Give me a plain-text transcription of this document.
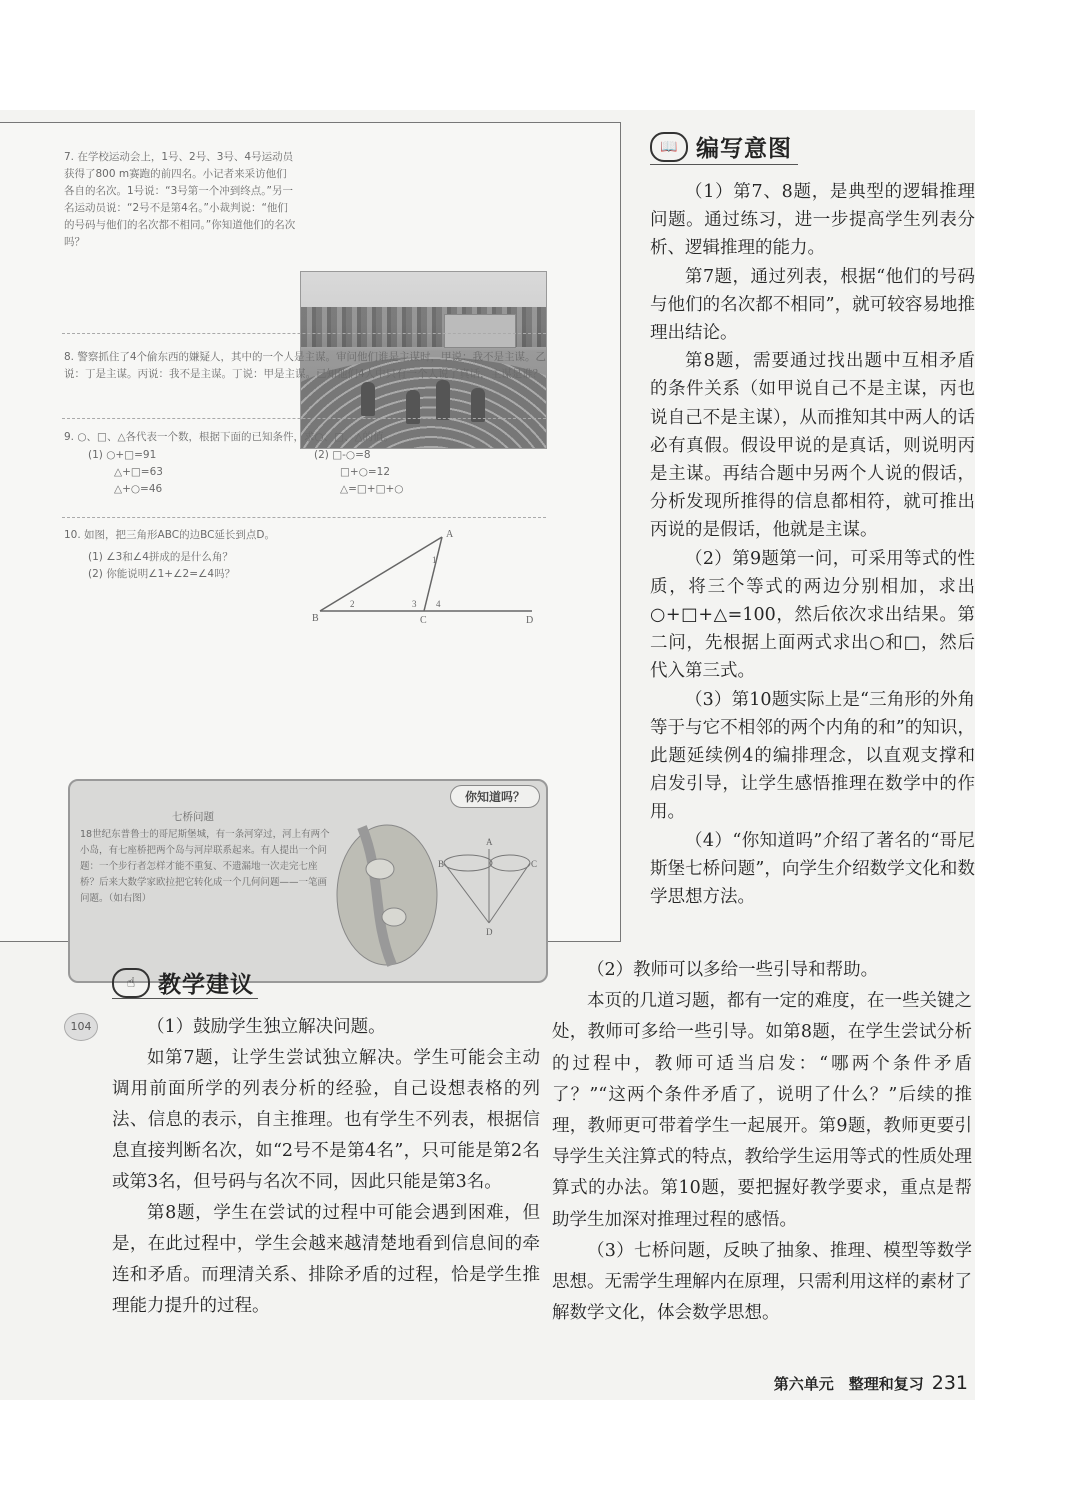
7. 在学校运动会上，1号、2号、3号、4号运动员获得了800 m赛跑的前四名。小记者来采访他们各自的名次。1号说：“3号第一个冲到终点。”另一名运动员说：“2号不是第4名。”小裁判说：“他们的号码与他们的名次都不相同。”你知道他们的名次吗？
8. 警察抓住了4个偷东西的嫌疑人，其中的一个人是主谋。审问他们谁是主谋时，甲说：我不是主谋。乙说：丁是主谋。丙说：我不是主谋。丁说：甲是主谋。已知他们4人中只有一个人说了真话，主谋是谁？
9. ○、□、△各代表一个数，根据下面的已知条件，求○、□、△的值。
(1) ○+□=91
△+□=63
△+○=46
(2) □-○=8
□+○=12
△=□+□+○
10. 如图，把三角形ABC的边BC延长到点D。
(1) ∠3和∠4拼成的是什么角？
(2) 你能说明∠1+∠2=∠4吗？
B
A
C	D
1
2	3 4
你知道吗？
七桥问题
18世纪东普鲁士的哥尼斯堡城，有一条河穿过，河上有两个小岛，有七座桥把两个岛与河岸联系起来。有人提出一个问题：一个步行者怎样才能不重复、不遗漏地一次走完七座桥？后来大数学家欧拉把它转化成一个几何问题——一笔画问题。（如右图）
A
B	C
D
104
📖 编写意图

（1）第7、8题，是典型的逻辑推理问题。通过练习，进一步提高学生列表分析、逻辑推理的能力。

第7题，通过列表，根据“他们的号码与他们的名次都不相同”，就可较容易地推理出结论。

第8题，需要通过找出题中互相矛盾的条件关系（如甲说自己不是主谋，丙也说自己不是主谋），从而推知其中两人的话必有真假。假设甲说的是真话，则说明丙是主谋。再结合题中另两个人说的假话，分析发现所推得的信息都相符，就可推出丙说的是假话，他就是主谋。

（2）第9题第一问，可采用等式的性质，将三个等式的两边分别相加，求出○+□+△=100，然后依次求出结果。第二问，先根据上面两式求出○和□，然后代入第三式。

（3）第10题实际上是“三角形的外角等于与它不相邻的两个内角的和”的知识，此题延续例4的编排理念，以直观支撑和启发引导，让学生感悟推理在数学中的作用。

（4）“你知道吗”介绍了著名的“哥尼斯堡七桥问题”，向学生介绍数学文化和数学思想方法。

☝ 教学建议

（1）鼓励学生独立解决问题。

如第7题，让学生尝试独立解决。学生可能会主动调用前面所学的列表分析的经验，自己设想表格的列法、信息的表示，自主推理。也有学生不列表，根据信息直接判断名次，如“2号不是第4名”，只可能是第2名或第3名，但号码与名次不同，因此只能是第3名。

第8题，学生在尝试的过程中可能会遇到困难，但是，在此过程中，学生会越来越清楚地看到信息间的牵连和矛盾。而理清关系、排除矛盾的过程，恰是学生推理能力提升的过程。

（2）教师可以多给一些引导和帮助。

本页的几道习题，都有一定的难度，在一些关键之处，教师可多给一些引导。如第8题，在学生尝试分析的过程中，教师可适当启发：“哪两个条件矛盾了？”“这两个条件矛盾了，说明了什么？”后续的推理，教师更可带着学生一起展开。第9题，教师更要引导学生关注算式的特点，教给学生运用等式的性质处理算式的办法。第10题，要把握好教学要求，重点是帮助学生加深对推理过程的感悟。

（3）七桥问题，反映了抽象、推理、模型等数学思想。无需学生理解内在原理，只需利用这样的素材了解数学文化，体会数学思想。

第六单元　整理和复习 231
